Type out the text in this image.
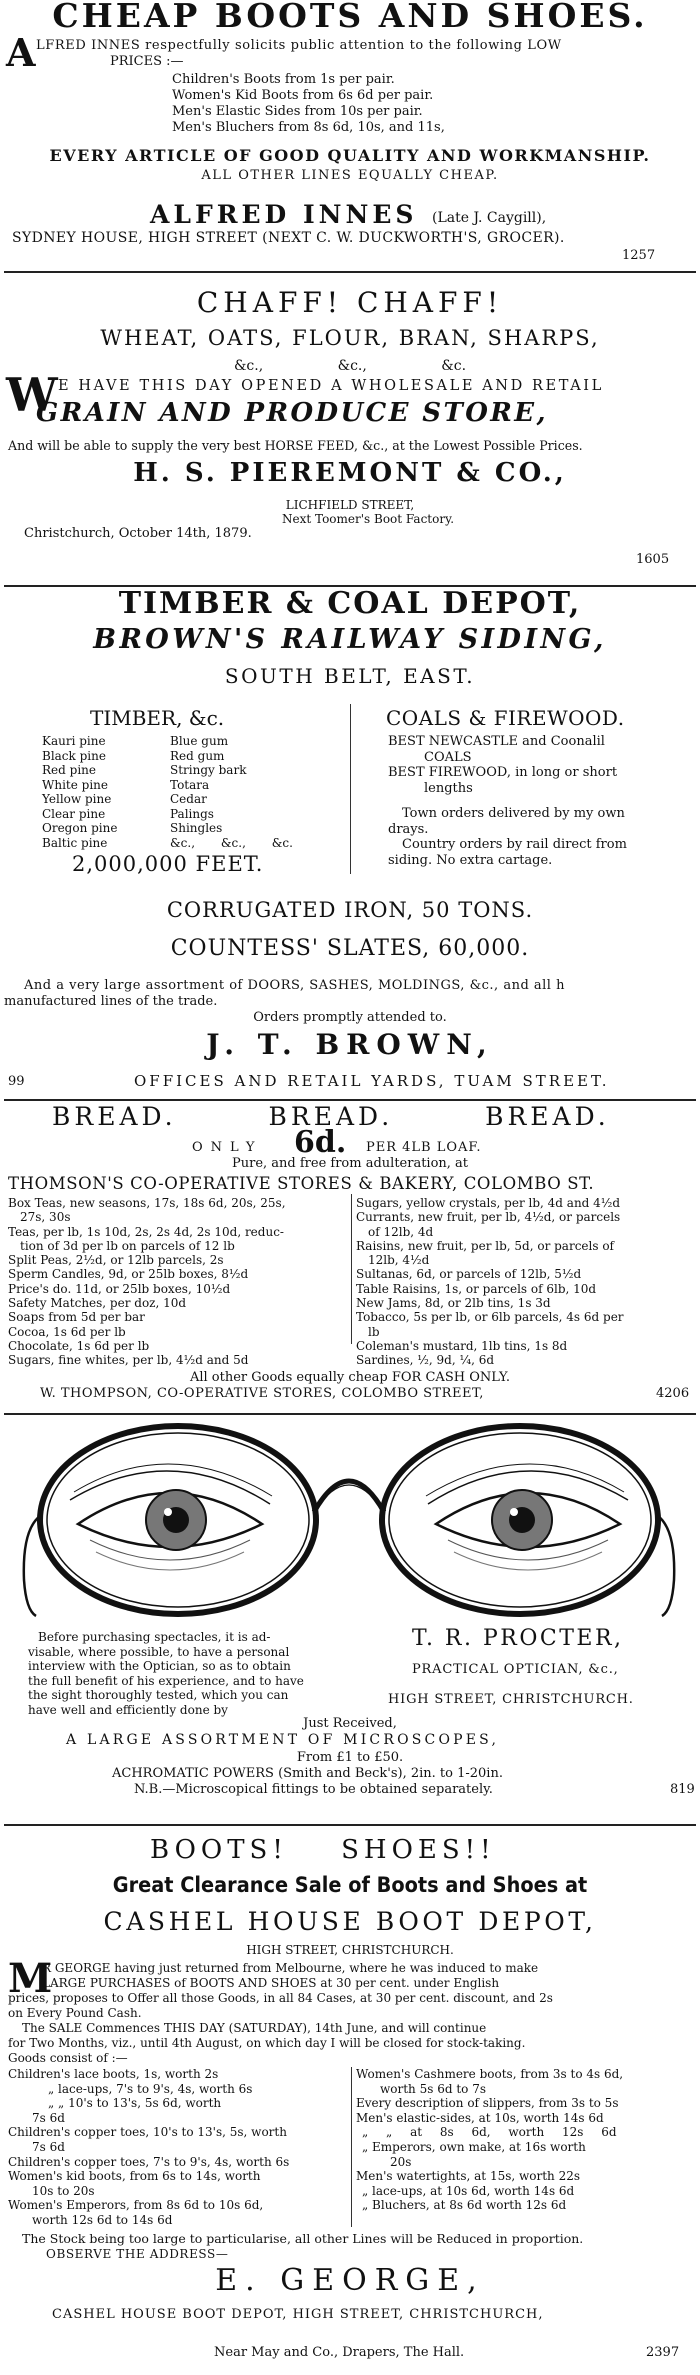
CHEAP BOOTS AND SHOES.
A LFRED INNES respectfully solicits public attention to the following LOW
PRICES :—
Children's Boots from 1s per pair.
Women's Kid Boots from 6s 6d per pair.
Men's Elastic Sides from 10s per pair.
Men's Bluchers from 8s 6d, 10s, and 11s,
EVERY ARTICLE OF GOOD QUALITY AND WORKMANSHIP.
ALL OTHER LINES EQUALLY CHEAP.
ALFRED INNES (Late J. Caygill),
SYDNEY HOUSE, HIGH STREET (NEXT C. W. DUCKWORTH'S, GROCER).
1257
CHAFF! CHAFF!
WHEAT, OATS, FLOUR, BRAN, SHARPS,
&c., &c., &c.
W E HAVE THIS DAY OPENED A WHOLESALE AND RETAIL
GRAIN AND PRODUCE STORE,
And will be able to supply the very best HORSE FEED, &c., at the Lowest Possible Prices.
H. S. PIEREMONT & CO.,
LICHFIELD STREET,
Next Toomer's Boot Factory.
Christchurch, October 14th, 1879.
1605
TIMBER & COAL DEPOT,
BROWN'S RAILWAY SIDING,
SOUTH BELT, EAST.
TIMBER, &c.
Kauri pine
Black pine
Red pine
White pine
Yellow pine
Clear pine
Oregon pine
Baltic pine
Blue gum
Red gum
Stringy bark
Totara
Cedar
Palings
Shingles
&c., &c., &c.
2,000,000 FEET.
COALS & FIREWOOD.
BEST NEWCASTLE and Coonalil
COALS
BEST FIREWOOD, in long or short
lengths
Town orders delivered by my own
drays.
Country orders by rail direct from
siding. No extra cartage.
CORRUGATED IRON, 50 TONS.
COUNTESS' SLATES, 60,000.
And a very large assortment of DOORS, SASHES, MOLDINGS, &c., and all h
manufactured lines of the trade.
Orders promptly attended to.
J. T. BROWN,
99	OFFICES AND RETAIL YARDS, TUAM STREET.
BREAD. BREAD. BREAD.
ONLY 6d. PER 4LB LOAF.
Pure, and free from adulteration, at
THOMSON'S CO-OPERATIVE STORES & BAKERY, COLOMBO ST.
Box Teas, new seasons, 17s, 18s 6d, 20s, 25s,
27s, 30s
Teas, per lb, 1s 10d, 2s, 2s 4d, 2s 10d, reduc-
tion of 3d per lb on parcels of 12 lb
Split Peas, 2½d, or 12lb parcels, 2s
Sperm Candles, 9d, or 25lb boxes, 8½d
Price's do. 11d, or 25lb boxes, 10½d
Safety Matches, per doz, 10d
Soaps from 5d per bar
Cocoa, 1s 6d per lb
Chocolate, 1s 6d per lb
Sugars, fine whites, per lb, 4½d and 5d
Sugars, yellow crystals, per lb, 4d and 4½d
Currants, new fruit, per lb, 4½d, or parcels
of 12lb, 4d
Raisins, new fruit, per lb, 5d, or parcels of
12lb, 4½d
Sultanas, 6d, or parcels of 12lb, 5½d
Table Raisins, 1s, or parcels of 6lb, 10d
New Jams, 8d, or 2lb tins, 1s 3d
Tobacco, 5s per lb, or 6lb parcels, 4s 6d per
lb
Coleman's mustard, 1lb tins, 1s 8d
Sardines, ½, 9d, ¼, 6d
All other Goods equally cheap FOR CASH ONLY.
W. THOMPSON, CO-OPERATIVE STORES, COLOMBO STREET,	4206
Before purchasing spectacles, it is ad-
visable, where possible, to have a personal
interview with the Optician, so as to obtain
the full benefit of his experience, and to have
the sight thoroughly tested, which you can
have well and efficiently done by
T. R. PROCTER,
PRACTICAL OPTICIAN, &c.,
HIGH STREET, CHRISTCHURCH.
Just Received,
A LARGE ASSORTMENT OF MICROSCOPES,
From £1 to £50.
ACHROMATIC POWERS (Smith and Beck's), 2in. to 1-20in.
N.B.—Microscopical fittings to be obtained separately.	819
BOOTS! SHOES!!
Great Clearance Sale of Boots and Shoes at
CASHEL HOUSE BOOT DEPOT,
HIGH STREET, CHRISTCHURCH.
M
R GEORGE having just returned from Melbourne, where he was induced to make
LARGE PURCHASES of BOOTS AND SHOES at 30 per cent. under English
prices, proposes to Offer all those Goods, in all 84 Cases, at 30 per cent. discount, and 2s
on Every Pound Cash.
The SALE Commences THIS DAY (SATURDAY), 14th June, and will continue
for Two Months, viz., until 4th August, on which day I will be closed for stock-taking.
Goods consist of :—
Children's lace boots, 1s, worth 2s
„ lace-ups, 7's to 9's, 4s, worth 6s
„ „ 10's to 13's, 5s 6d, worth
7s 6d
Children's copper toes, 10's to 13's, 5s, worth
7s 6d
Children's copper toes, 7's to 9's, 4s, worth 6s
Women's kid boots, from 6s to 14s, worth
10s to 20s
Women's Emperors, from 8s 6d to 10s 6d,
worth 12s 6d to 14s 6d
Women's Cashmere boots, from 3s to 4s 6d,
worth 5s 6d to 7s
Every description of slippers, from 3s to 5s
Men's elastic-sides, at 10s, worth 14s 6d
„ „ at 8s 6d, worth 12s 6d
„ Emperors, own make, at 16s worth
20s
Men's watertights, at 15s, worth 22s
„ lace-ups, at 10s 6d, worth 14s 6d
„ Bluchers, at 8s 6d worth 12s 6d
The Stock being too large to particularise, all other Lines will be Reduced in proportion.
OBSERVE THE ADDRESS—
E. GEORGE,
CASHEL HOUSE BOOT DEPOT, HIGH STREET, CHRISTCHURCH,
Near May and Co., Drapers, The Hall.	2397
